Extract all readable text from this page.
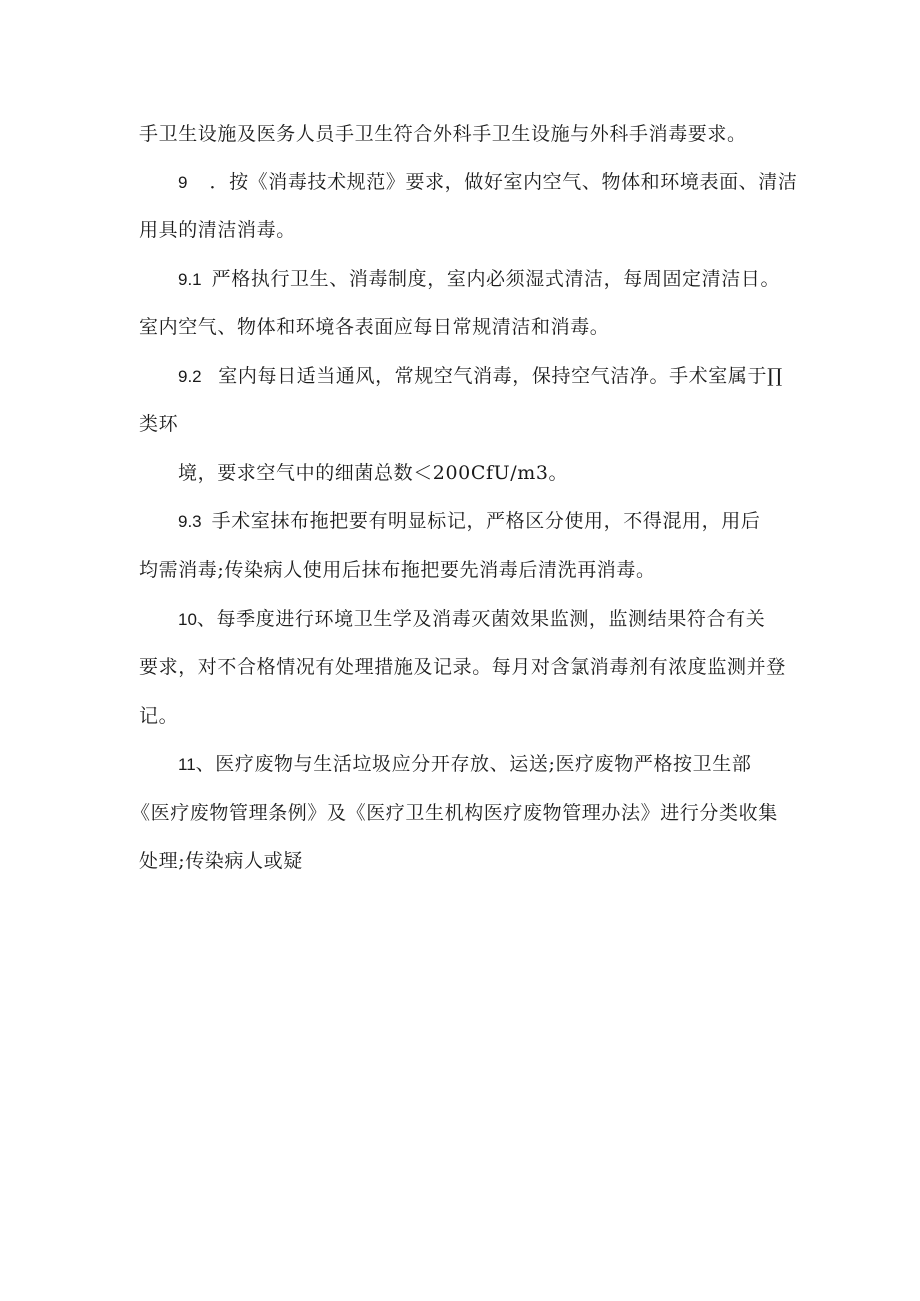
手卫生设施及医务人员手卫生符合外科手卫生设施与外科手消毒要求。
9 ．按《消毒技术规范》要求，做好室内空气、物体和环境表面、清洁
用具的清洁消毒。
9.1 严格执行卫生、消毒制度，室内必须湿式清洁，每周固定清洁日。
室内空气、物体和环境各表面应每日常规清洁和消毒。
9.2 室内每日适当通风，常规空气消毒，保持空气洁净。手术室属于∏
类环
境，要求空气中的细菌总数＜200CfU/m3。
9.3 手术室抹布拖把要有明显标记，严格区分使用，不得混用，用后
均需消毒;传染病人使用后抹布拖把要先消毒后清洗再消毒。
10、每季度进行环境卫生学及消毒灭菌效果监测，监测结果符合有关
要求，对不合格情况有处理措施及记录。每月对含氯消毒剂有浓度监测并登
记。
11、医疗废物与生活垃圾应分开存放、运送;医疗废物严格按卫生部
《医疗废物管理条例》及《医疗卫生机构医疗废物管理办法》进行分类收集
处理;传染病人或疑
